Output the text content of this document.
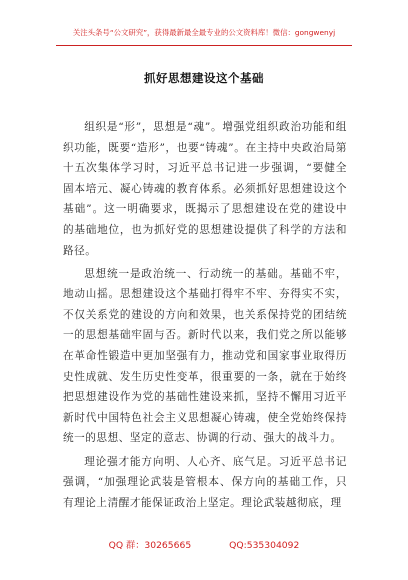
关注头条号“公文研究”，获得最新最全最专业的公文资料库！微信：gongwenyj
抓好思想建设这个基础

组织是“形”，思想是“魂”。增强党组织政治功能和组织功能，既要“造形”，也要“铸魂”。在主持中央政治局第十五次集体学习时，习近平总书记进一步强调，“要健全固本培元、凝心铸魂的教育体系。必须抓好思想建设这个基础”。这一明确要求，既揭示了思想建设在党的建设中的基础地位，也为抓好党的思想建设提供了科学的方法和路径。

思想统一是政治统一、行动统一的基础。基础不牢，地动山摇。思想建设这个基础打得牢不牢、夯得实不实，不仅关系党的建设的方向和效果，也关系保持党的团结统一的思想基础牢固与否。新时代以来，我们党之所以能够在革命性锻造中更加坚强有力，推动党和国家事业取得历史性成就、发生历史性变革，很重要的一条，就在于始终把思想建设作为党的基础性建设来抓，坚持不懈用习近平新时代中国特色社会主义思想凝心铸魂，使全党始终保持统一的思想、坚定的意志、协调的行动、强大的战斗力。

理论强才能方向明、人心齐、底气足。习近平总书记强调，“加强理论武装是管根本、保方向的基础工作，只有理论上清醒才能保证政治上坚定。理论武装越彻底，理

QQ 群：30265665	QQ:535304092
